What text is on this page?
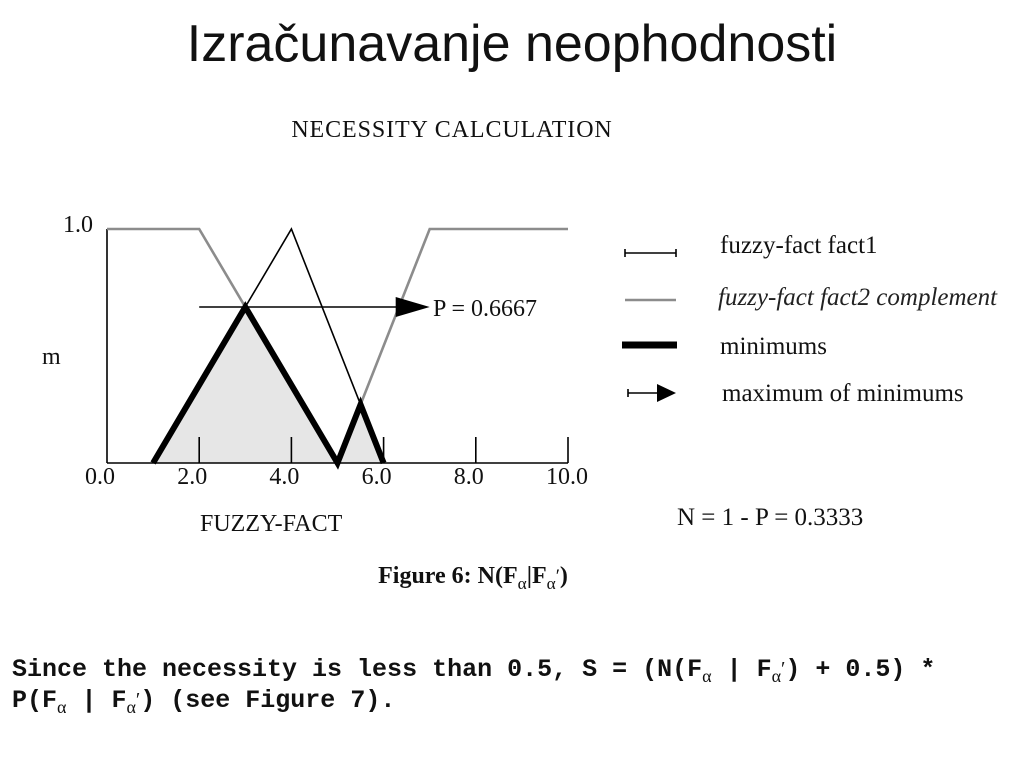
Izračunavanje neophodnosti
NECESSITY CALCULATION
0.0	2.0	4.0	6.0	8.0	10.0
1.0
m
FUZZY-FACT
P = 0.6667
N = 1 - P = 0.3333
fuzzy-fact fact1
fuzzy-fact fact2 complement
minimums
maximum of minimums
Figure 6: $N(F_\alpha|F_\alpha')$
Since the necessity is less than 0.5, $S = (N(F_\alpha$ | $F_\alpha') + 0.5$) *
$P(F_\alpha$ | $F_\alpha'$) (see Figure 7).
